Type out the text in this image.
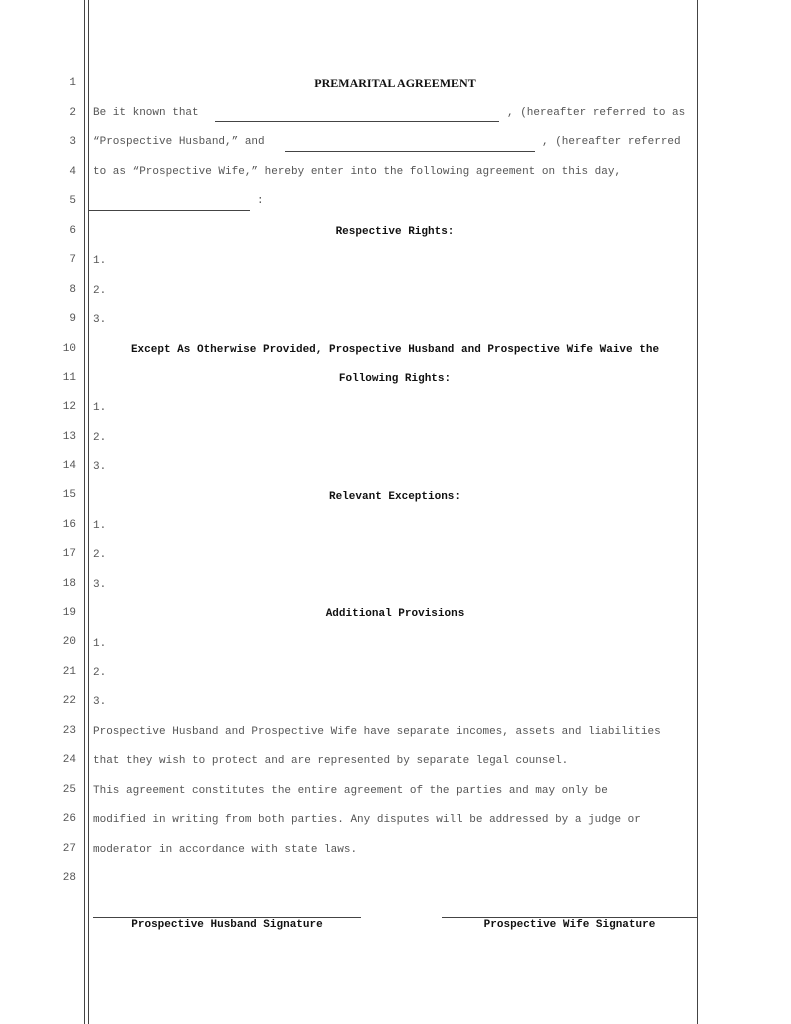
1
2
3
4
5
6
7
8
9
10
11
12
13
14
15
16
17
18
19
20
21
22
23
24
25
26
27
28
PREMARITAL AGREEMENT
Be it known that	, (hereafter referred to as
“Prospective Husband,” and	, (hereafter referred
to as “Prospective Wife,” hereby enter into the following agreement on this day,
:
Respective Rights:
1.
2.
3.
Except As Otherwise Provided, Prospective Husband and Prospective Wife Waive the
Following Rights:
1.
2.
3.
Relevant Exceptions:
1.
2.
3.
Additional Provisions
1.
2.
3.
Prospective Husband and Prospective Wife have separate incomes, assets and liabilities
that they wish to protect and are represented by separate legal counsel.
This agreement constitutes the entire agreement of the parties and may only be
modified in writing from both parties. Any disputes will be addressed by a judge or
moderator in accordance with state laws.
Prospective Husband Signature	Prospective Wife Signature
